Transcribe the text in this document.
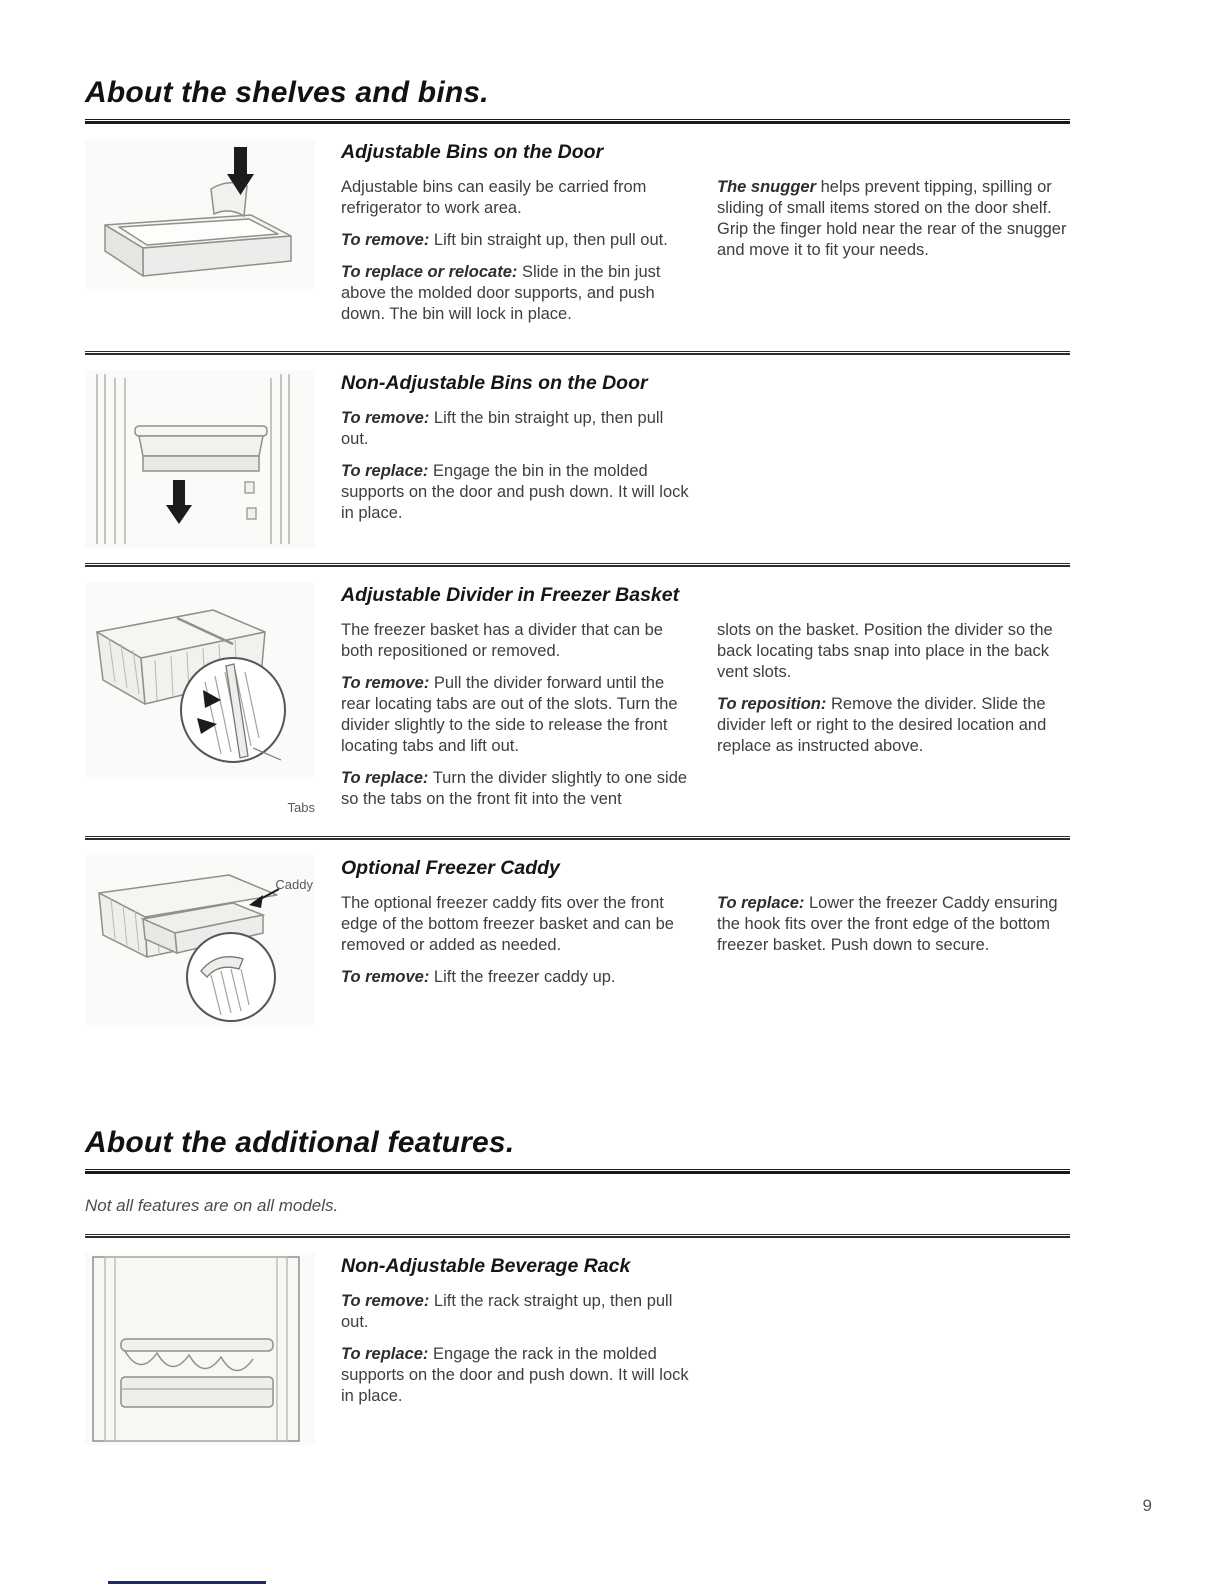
About the shelves and bins.
Adjustable Bins on the Door

Adjustable bins can easily be carried from refrigerator to work area.

To remove: Lift bin straight up, then pull out.

To replace or relocate: Slide in the bin just above the molded door supports, and push down. The bin will lock in place.

The snugger helps prevent tipping, spilling or sliding of small items stored on the door shelf. Grip the finger hold near the rear of the snugger and move it to fit your needs.

Non-Adjustable Bins on the Door

To remove: Lift the bin straight up, then pull out.

To replace: Engage the bin in the molded supports on the door and push down. It will lock in place.

Tabs
Adjustable Divider in Freezer Basket

The freezer basket has a divider that can be both repositioned or removed.

To remove: Pull the divider forward until the rear locating tabs are out of the slots. Turn the divider slightly to the side to release the front locating tabs and lift out.

To replace: Turn the divider slightly to one side so the tabs on the front fit into the vent

slots on the basket. Position the divider so the back locating tabs snap into place in the back vent slots.

To reposition: Remove the divider. Slide the divider left or right to the desired location and replace as instructed above.

Caddy
Optional Freezer Caddy

The optional freezer caddy fits over the front edge of the bottom freezer basket and can be removed or added as needed.

To remove: Lift the freezer caddy up.

To replace: Lower the freezer Caddy ensuring the hook fits over the front edge of the bottom freezer basket. Push down to secure.

About the additional features.

Not all features are on all models.

Non-Adjustable Beverage Rack

To remove: Lift the rack straight up, then pull out.

To replace: Engage the rack in the molded supports on the door and push down. It will lock in place.

9
